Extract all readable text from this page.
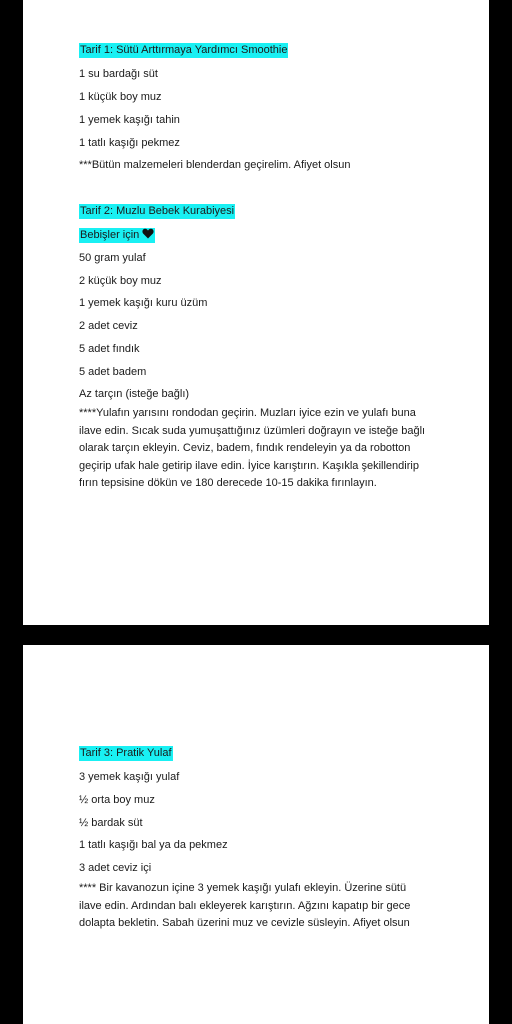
Tarif 1: Sütü Arttırmaya Yardımcı Smoothie
1 su bardağı süt
1 küçük boy muz
1 yemek kaşığı tahin
1 tatlı kaşığı pekmez
***Bütün malzemeleri blenderdan geçirelim. Afiyet olsun
Tarif 2: Muzlu Bebek Kurabiyesi
Bebişler için
50 gram yulaf
2 küçük boy muz
1 yemek kaşığı kuru üzüm
2 adet ceviz
5 adet fındık
5 adet badem
Az tarçın (isteğe bağlı)
****Yulafın yarısını rondodan geçirin. Muzları iyice ezin ve yulafı buna ilave edin. Sıcak suda yumuşattığınız üzümleri doğrayın ve isteğe bağlı olarak tarçın ekleyin. Ceviz, badem, fındık rendeleyin ya da robotton geçirip ufak hale getirip ilave edin. İyice karıştırın. Kaşıkla şekillendirip fırın tepsisine dökün ve 180 derecede 10-15 dakika fırınlayın.
Tarif 3: Pratik Yulaf
3 yemek kaşığı yulaf
½ orta boy muz
½ bardak süt
1 tatlı kaşığı bal ya da pekmez
3 adet ceviz içi
**** Bir kavanozun içine 3 yemek kaşığı yulafı ekleyin. Üzerine sütü ilave edin. Ardından balı ekleyerek karıştırın. Ağzını kapatıp bir gece dolapta bekletin. Sabah üzerini muz ve cevizle süsleyin. Afiyet olsun
